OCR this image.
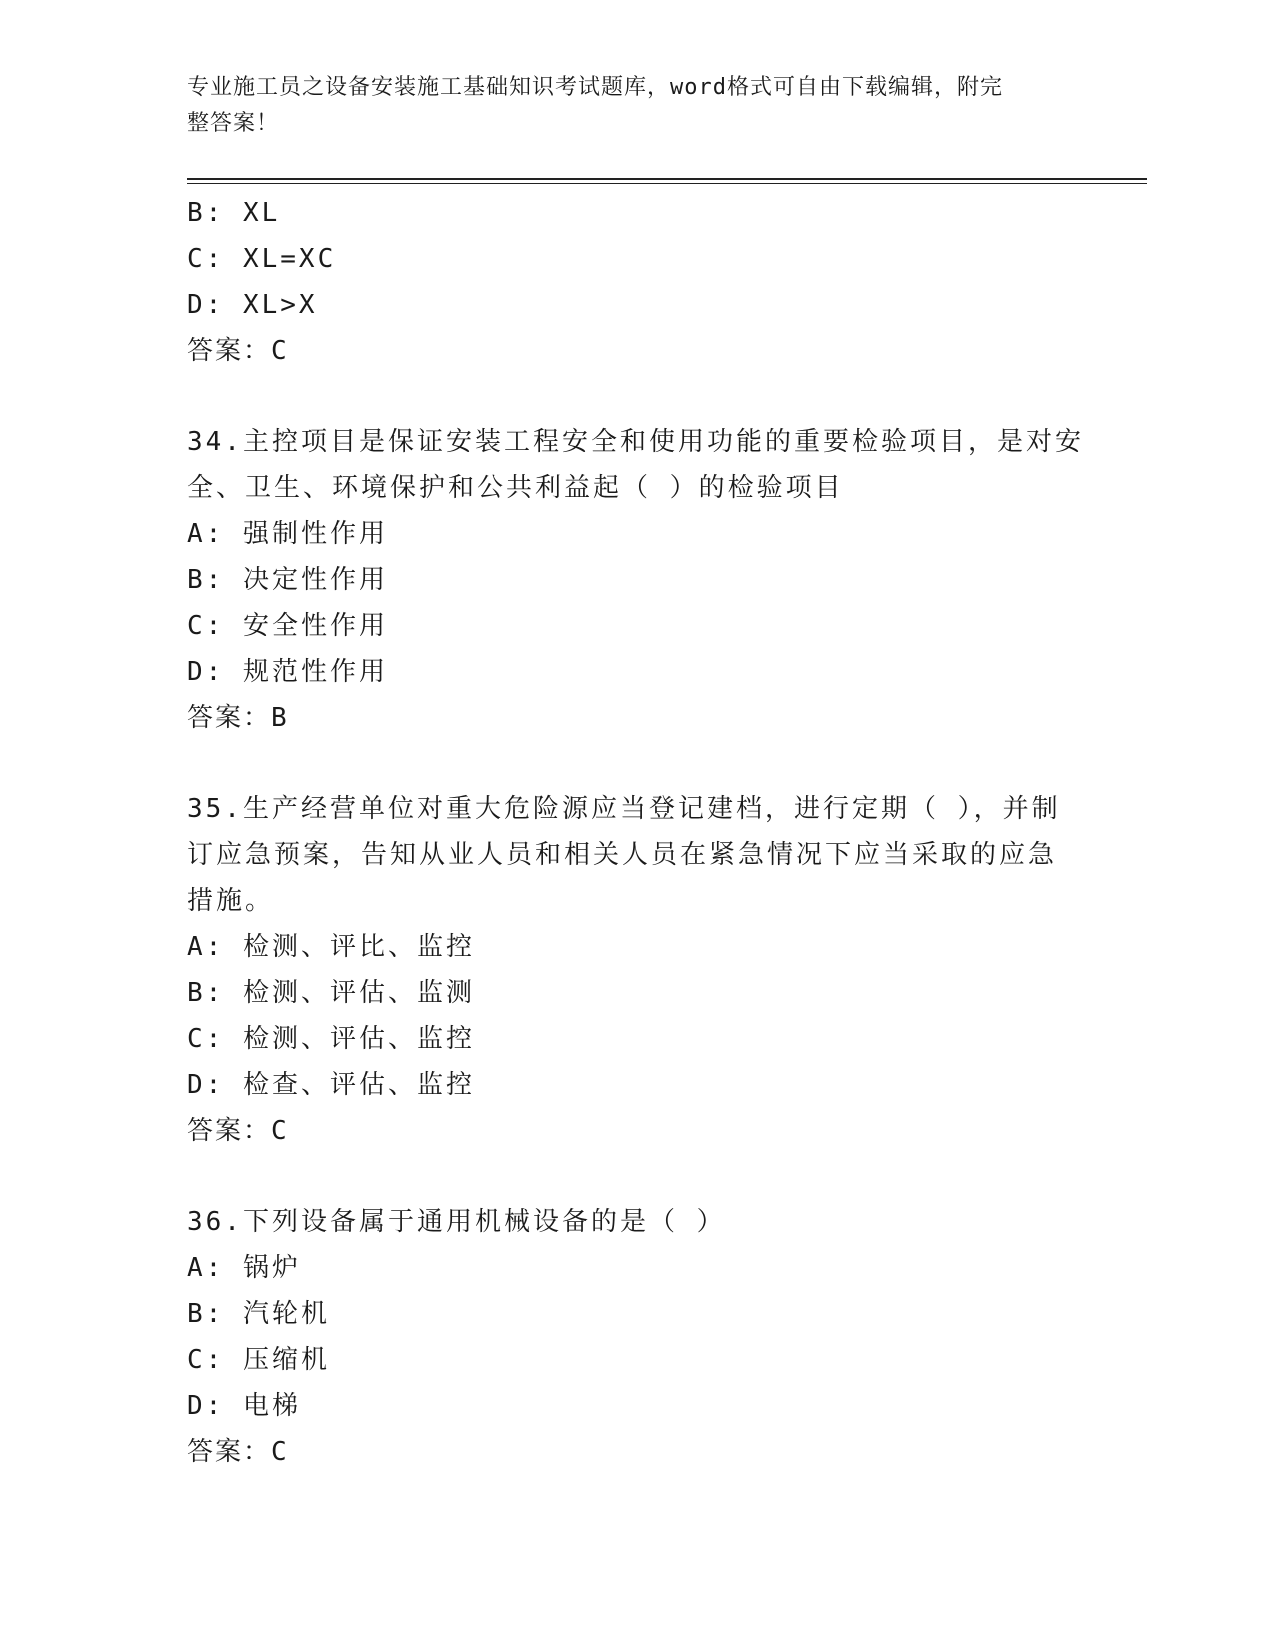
专业施工员之设备安装施工基础知识考试题库，word格式可自由下载编辑，附完
整答案！
B: XL
C: XL=XC
D: XL>X
答案：C
34.主控项目是保证安装工程安全和使用功能的重要检验项目，是对安
全、卫生、环境保护和公共利益起（ ）的检验项目
A: 强制性作用
B: 决定性作用
C: 安全性作用
D: 规范性作用
答案：B
35.生产经营单位对重大危险源应当登记建档，进行定期（ ），并制
订应急预案，告知从业人员和相关人员在紧急情况下应当采取的应急
措施。
A: 检测、评比、监控
B: 检测、评估、监测
C: 检测、评估、监控
D: 检查、评估、监控
答案：C
36.下列设备属于通用机械设备的是（ ）
A: 锅炉
B: 汽轮机
C: 压缩机
D: 电梯
答案：C
